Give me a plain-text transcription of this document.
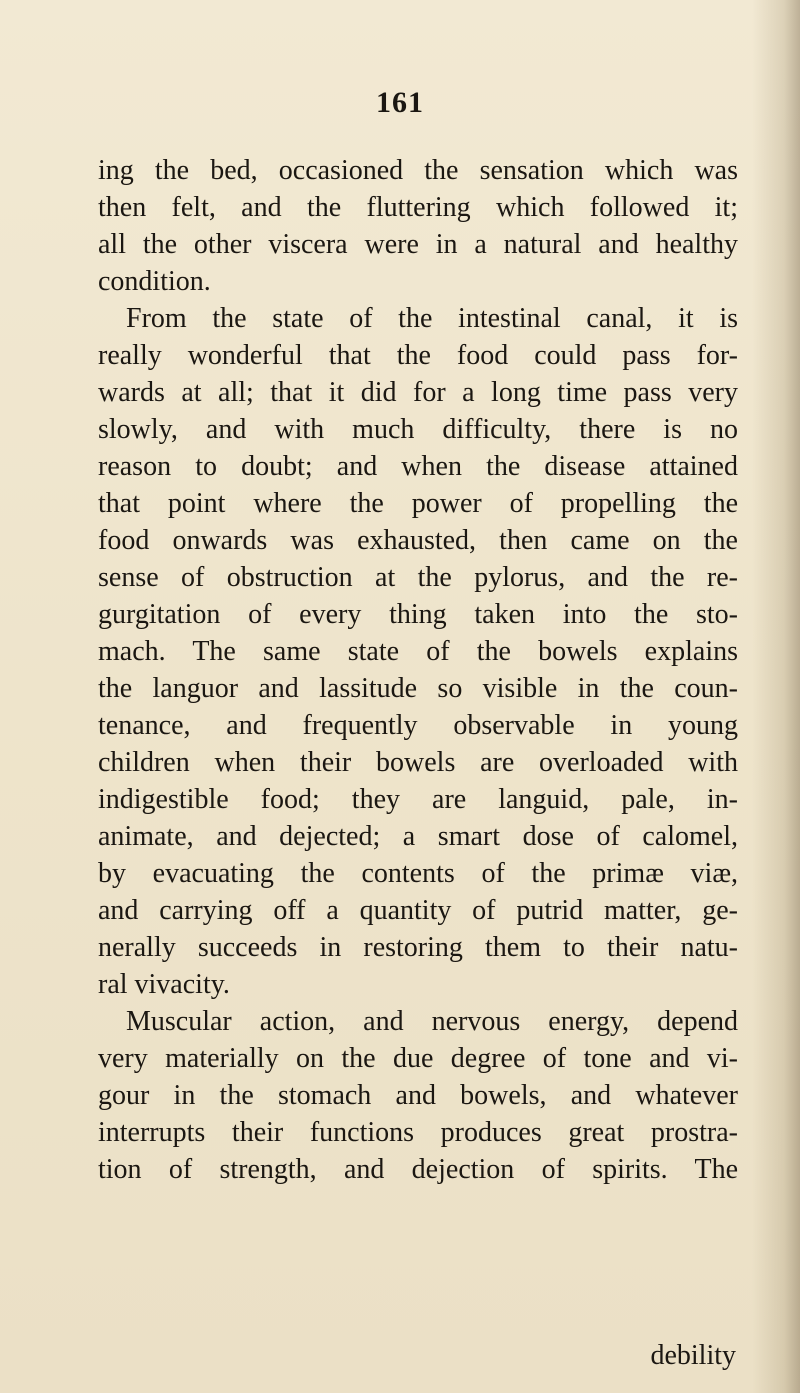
161
ing the bed, occasioned the sensation which was
then felt, and the fluttering which followed it;
all the other viscera were in a natural and healthy
condition.
From the state of the intestinal canal, it is
really wonderful that the food could pass for-
wards at all; that it did for a long time pass very
slowly, and with much difficulty, there is no
reason to doubt; and when the disease attained
that point where the power of propelling the
food onwards was exhausted, then came on the
sense of obstruction at the pylorus, and the re-
gurgitation of every thing taken into the sto-
mach. The same state of the bowels explains
the languor and lassitude so visible in the coun-
tenance, and frequently observable in young
children when their bowels are overloaded with
indigestible food; they are languid, pale, in-
animate, and dejected; a smart dose of calomel,
by evacuating the contents of the primæ viæ,
and carrying off a quantity of putrid matter, ge-
nerally succeeds in restoring them to their natu-
ral vivacity.
Muscular action, and nervous energy, depend
very materially on the due degree of tone and vi-
gour in the stomach and bowels, and whatever
interrupts their functions produces great prostra-
tion of strength, and dejection of spirits. The
debility
